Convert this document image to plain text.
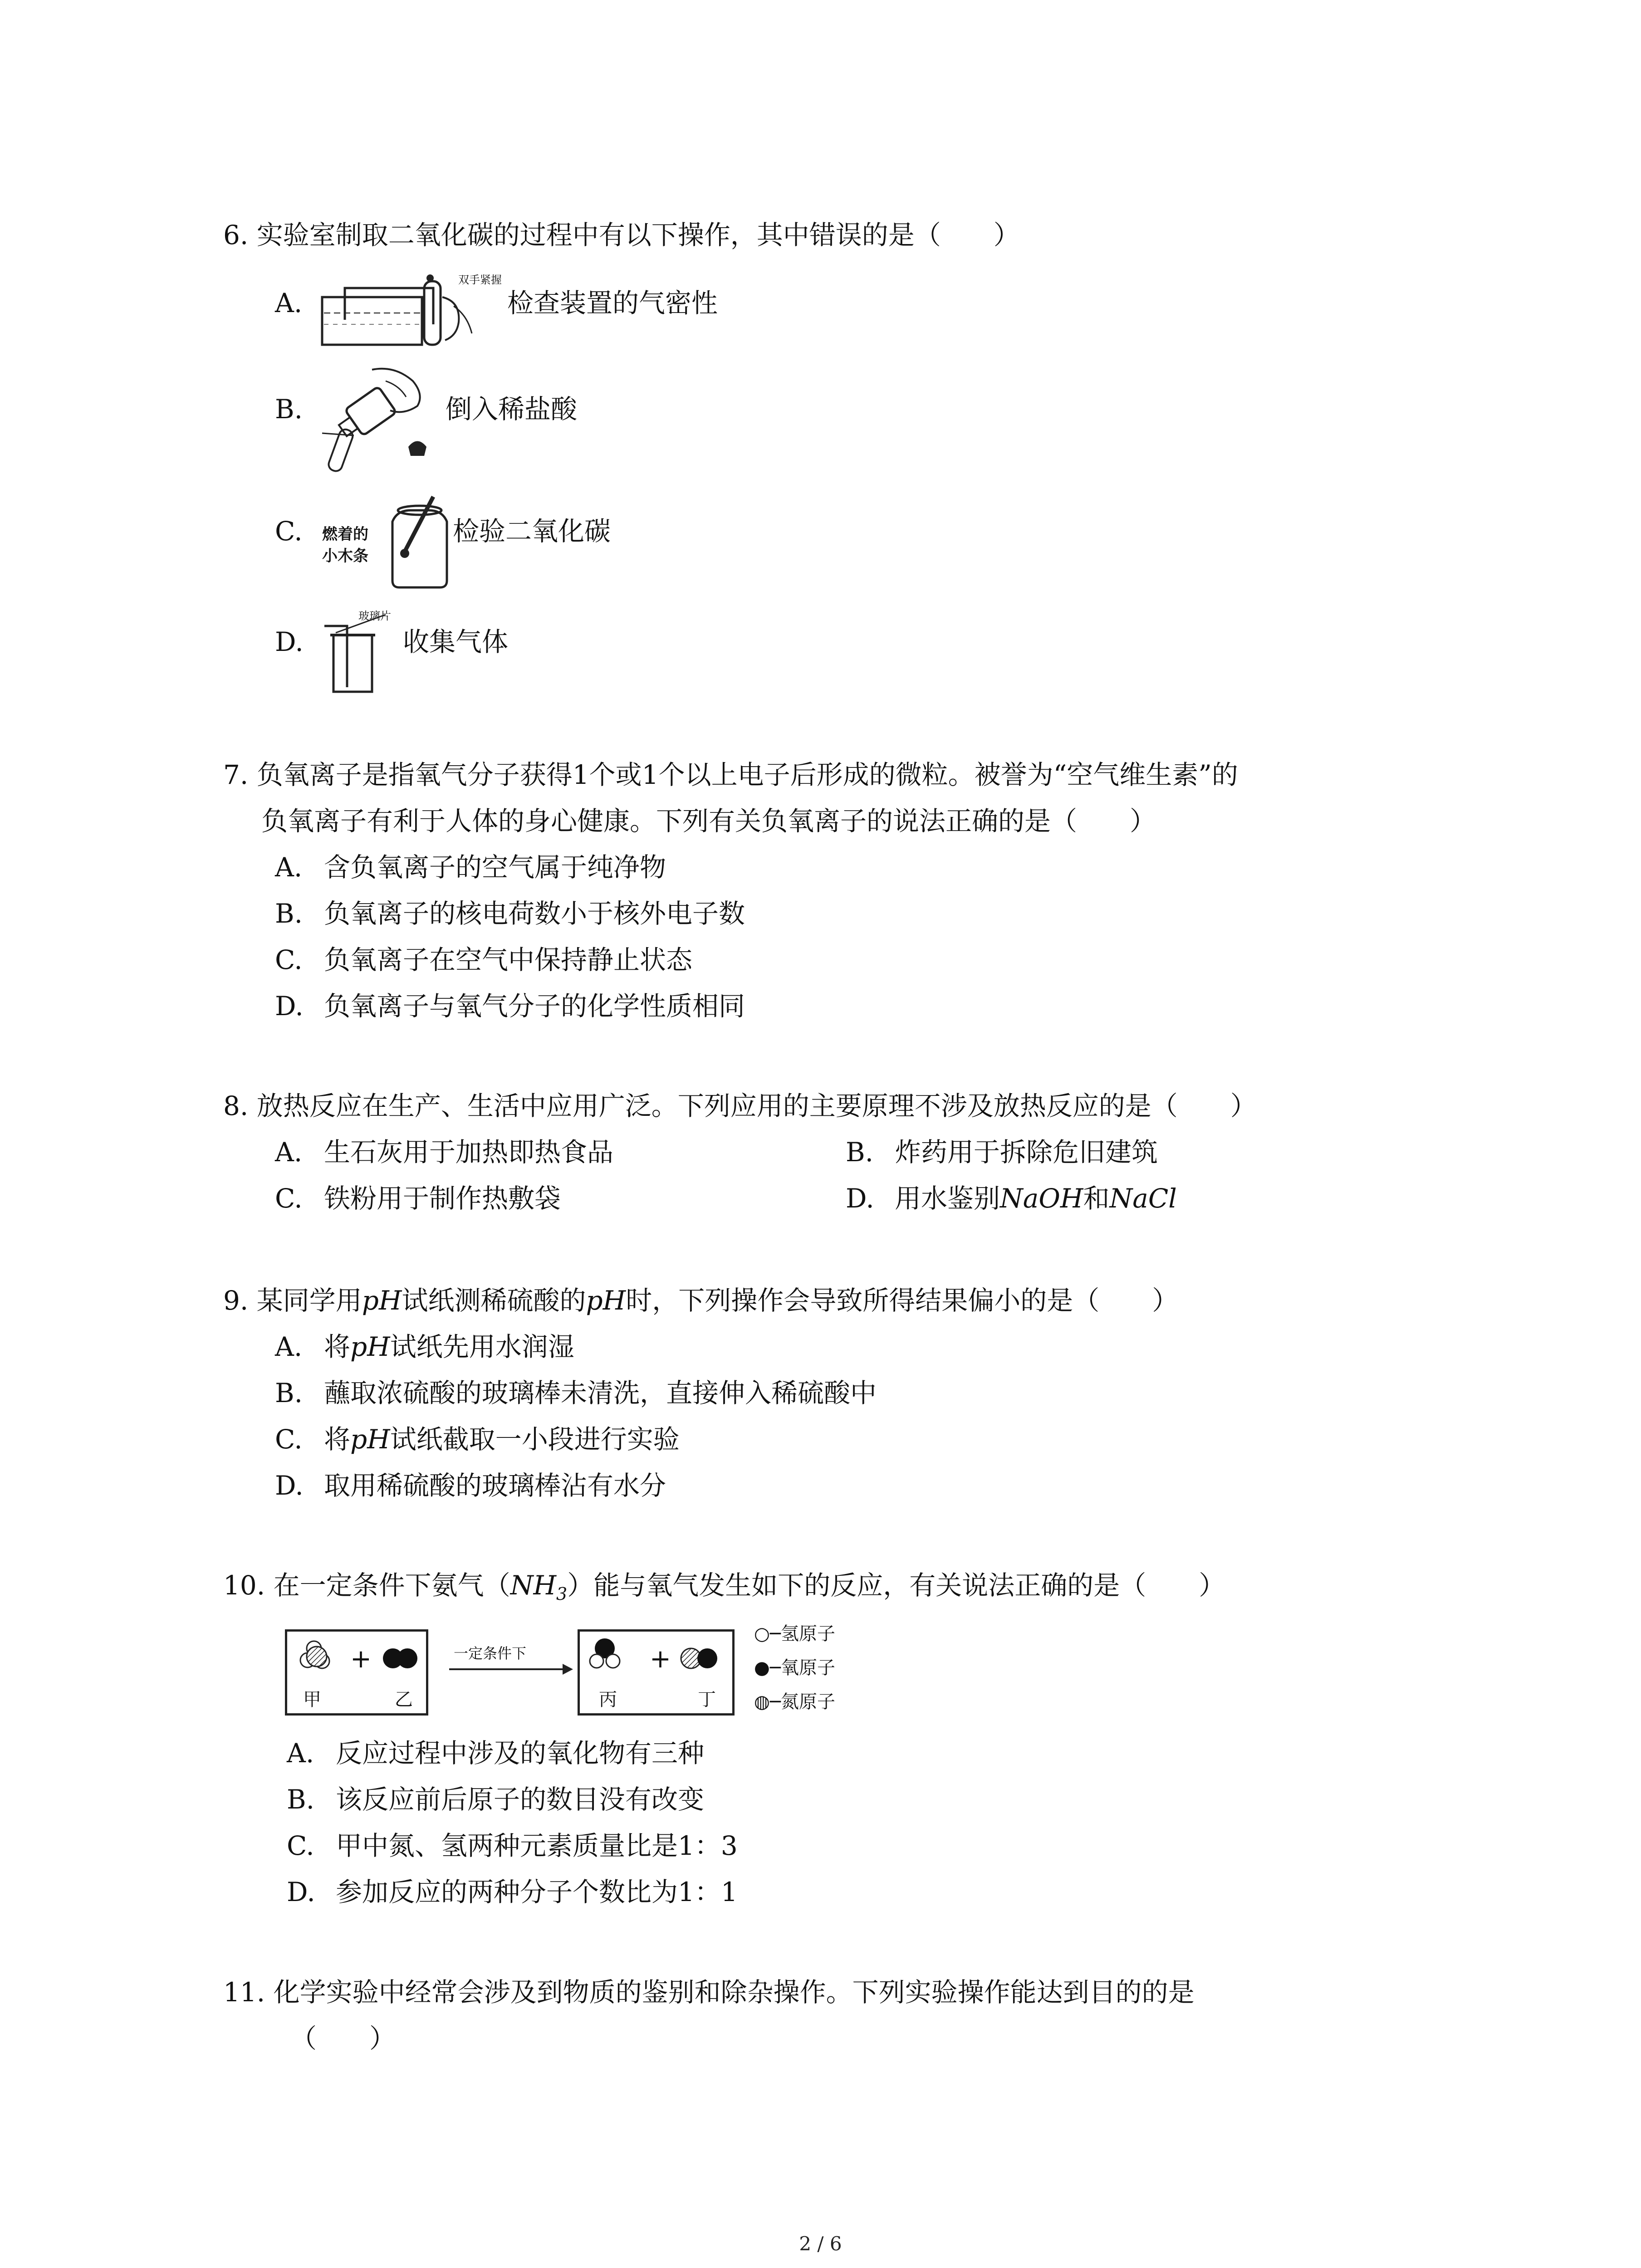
6. 实验室制取二氧化碳的过程中有以下操作，其中错误的是（　　）
A.
双手紧握
检查装置的气密性
B.	倒入稀盐酸
C. 燃着的
小木条
检验二氧化碳
D.
玻璃片
收集气体
7. 负氧离子是指氧气分子获得1个或1个以上电子后形成的微粒。被誉为“空气维生素”的
负氧离子有利于人体的身心健康。下列有关负氧离子的说法正确的是（　　）
A. 含负氧离子的空气属于纯净物
B. 负氧离子的核电荷数小于核外电子数
C. 负氧离子在空气中保持静止状态
D. 负氧离子与氧气分子的化学性质相同
8. 放热反应在生产、生活中应用广泛。下列应用的主要原理不涉及放热反应的是（　　）
A. 生石灰用于加热即热食品	B. 炸药用于拆除危旧建筑
C. 铁粉用于制作热敷袋	D. 用水鉴别NaOH和NaCl
9. 某同学用pH试纸测稀硫酸的pH时，下列操作会导致所得结果偏小的是（　　）
A. 将pH试纸先用水润湿
B. 蘸取浓硫酸的玻璃棒未清洗，直接伸入稀硫酸中
C. 将pH试纸截取一小段进行实验
D. 取用稀硫酸的玻璃棒沾有水分
10. 在一定条件下氨气$(NH_3)$能与氧气发生如下的反应，有关说法正确的是（　　）
+
甲	乙
一定条件下	+
丙	丁
○─氢原子
●─氧原子
◍─氮原子
A. 反应过程中涉及的氧化物有三种
B. 该反应前后原子的数目没有改变
C. 甲中氮、氢两种元素质量比是1：3
D. 参加反应的两种分子个数比为1：1
11. 化学实验中经常会涉及到物质的鉴别和除杂操作。下列实验操作能达到目的的是
（　　）
2 / 6
